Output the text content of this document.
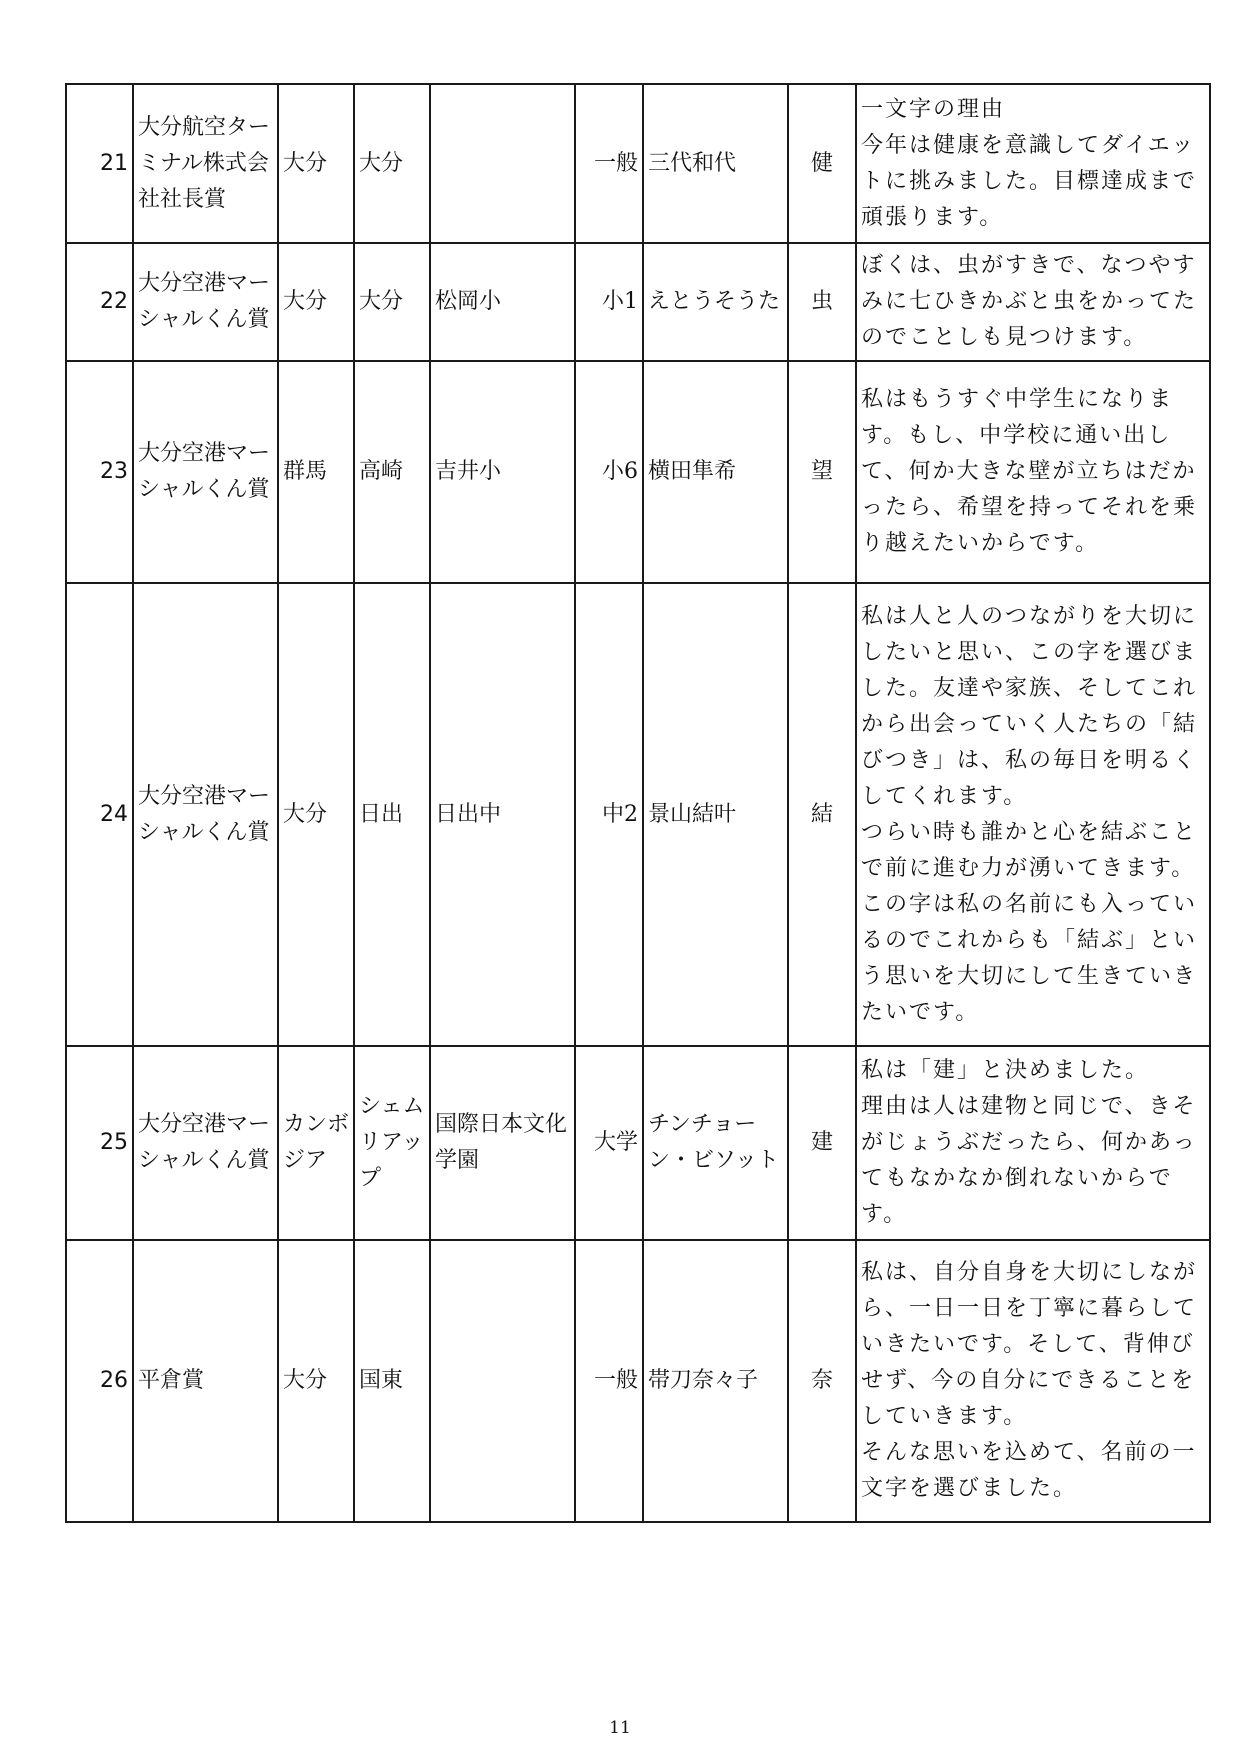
21	大分航空ターミナル株式会社社長賞	大分	大分		一般	三代和代	健	一文字の理由
今年は健康を意識してダイエットに挑みました。目標達成まで頑張ります。
22	大分空港マーシャルくん賞	大分	大分	松岡小	小1	えとうそうた	虫	ぼくは、虫がすきで、なつやすみに七ひきかぶと虫をかってたのでことしも見つけます。
23	大分空港マーシャルくん賞	群馬	高崎	吉井小	小6	横田隼希	望	私はもうすぐ中学生になります。もし、中学校に通い出して、何か大きな壁が立ちはだかったら、希望を持ってそれを乗り越えたいからです。
24	大分空港マーシャルくん賞	大分	日出	日出中	中2	景山結叶	結	私は人と人のつながりを大切にしたいと思い、この字を選びました。友達や家族、そしてこれから出会っていく人たちの「結びつき」は、私の毎日を明るくしてくれます。
つらい時も誰かと心を結ぶことで前に進む力が湧いてきます。
この字は私の名前にも入っているのでこれからも「結ぶ」という思いを大切にして生きていきたいです。
25	大分空港マーシャルくん賞	カンボジア	シェムリアップ	国際日本文化学園	大学	チンチョーン・ビソット	建	私は「建」と決めました。
理由は人は建物と同じで、きそがじょうぶだったら、何かあってもなかなか倒れないからです。
26	平倉賞	大分	国東		一般	帯刀奈々子	奈	私は、自分自身を大切にしながら、一日一日を丁寧に暮らしていきたいです。そして、背伸びせず、今の自分にできることをしていきます。
そんな思いを込めて、名前の一文字を選びました。
11
